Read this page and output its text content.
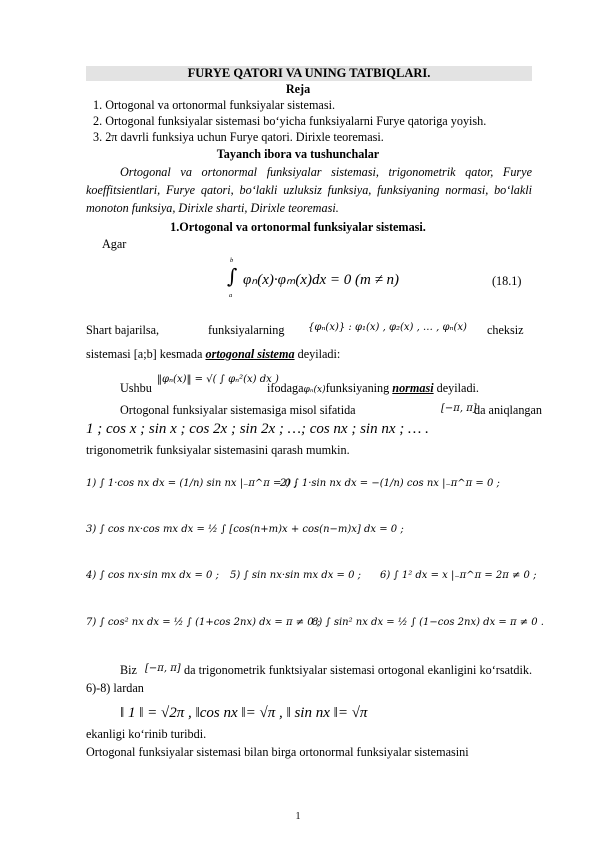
FURYE QATORI VA UNING TATBIQLARI.
Reja
1. Ortogonal va ortonormal funksiyalar sistemasi.
2. Ortogonal funksiyalar sistemasi bo‘yicha funksiyalarni Furye qatoriga yoyish.
3. 2π davrli funksiya uchun Furye qatori. Dirixle teoremasi.
Tayanch ibora va tushunchalar
Ortogonal va ortonormal funksiyalar sistemasi, trigonometrik qator, Furye koeffitsientlari, Furye qatori, bo‘lakli uzluksiz funksiya, funksiyaning normasi, bo‘lakli monoton funksiya, Dirixle sharti, Dirixle teoremasi.
1.Ortogonal va ortonormal funksiyalar sistemasi.
Agar
b
∫
a
φₙ(x)·φₘ(x)dx = 0 (m ≠ n)	(18.1)
Shart bajarilsa,	funksiyalarning {φₙ(x)} : φ₁(x) , φ₂(x) , … , φₙ(x) cheksiz
sistemasi [a;b] kesmada ortogonal sistema deyiladi:
‖φₙ(x)‖ = √( ∫ φₙ²(x) dx )
Ushbu	ifodagaφₙ(x)funksiyaning normasi deyiladi.
Ortogonal funksiyalar sistemasiga misol sifatida	[−π, π]
da aniqlangan
1 ; cos x ; sin x ; cos 2x ; sin 2x ; …; cos nx ; sin nx ; … .
trigonometrik funksiyalar sistemasini qarash mumkin.
1) ∫ 1·cos nx dx = (1/n) sin nx |₋π^π = 0 ;
2) ∫ 1·sin nx dx = −(1/n) cos nx |₋π^π = 0 ;
3) ∫ cos nx·cos mx dx = ½ ∫ [cos(n+m)x + cos(n−m)x] dx = 0 ;
4) ∫ cos nx·sin mx dx = 0 ; 5) ∫ sin nx·sin mx dx = 0 ; 6) ∫ 1² dx = x |₋π^π = 2π ≠ 0 ;
7) ∫ cos² nx dx = ½ ∫ (1+cos 2nx) dx = π ≠ 0 ;
8) ∫ sin² nx dx = ½ ∫ (1−cos 2nx) dx = π ≠ 0 .
Biz [−π, π] da trigonometrik funktsiyalar sistemasi ortogonal ekanligini ko‘rsatdik. 6)-8) lardan
‖ 1 ‖ = √2π , ‖cos nx ‖= √π , ‖ sin nx ‖= √π
ekanligi ko‘rinib turibdi.
Ortogonal funksiyalar sistemasi bilan birga ortonormal funksiyalar sistemasini
1
